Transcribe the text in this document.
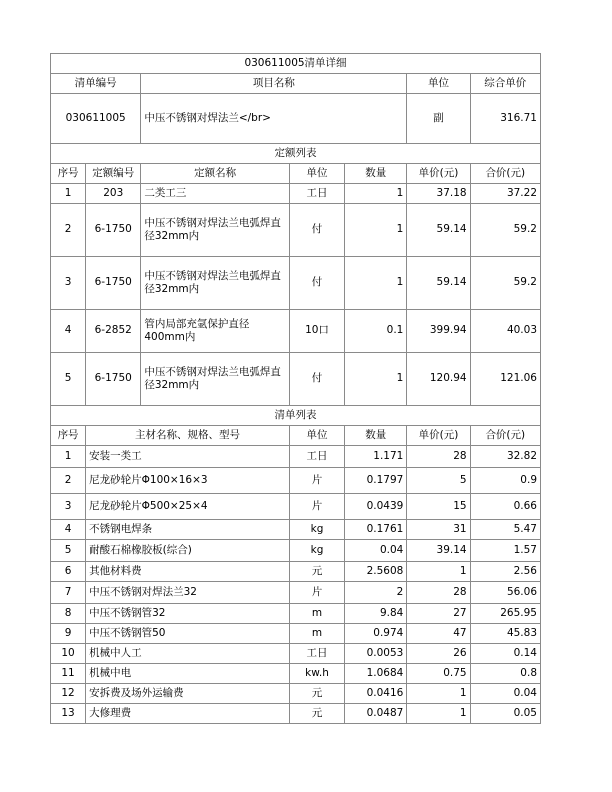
030611005清单详细						
清单编号		项目名称			单位	综合单价
030611005		中压不锈钢对焊法兰</br>			副	316.71
定额列表						
序号	定额编号	定额名称	单位	数量	单价(元)	合价(元)
1	203	二类工三	工日	1	37.18	37.22
2	6-1750	中压不锈钢对焊法兰电弧焊直径32mm内	付	1	59.14	59.2
3	6-1750	中压不锈钢对焊法兰电弧焊直径32mm内	付	1	59.14	59.2
4	6-2852	管内局部充氩保护直径400mm内	10口	0.1	399.94	40.03
5	6-1750	中压不锈钢对焊法兰电弧焊直径32mm内	付	1	120.94	121.06
清单列表						
序号	主材名称、规格、型号		单位	数量	单价(元)	合价(元)
1	安装一类工		工日	1.171	28	32.82
2	尼龙砂轮片Φ100×16×3		片	0.1797	5	0.9
3	尼龙砂轮片Φ500×25×4		片	0.0439	15	0.66
4	不锈钢电焊条		kg	0.1761	31	5.47
5	耐酸石棉橡胶板(综合)		kg	0.04	39.14	1.57
6	其他材料费		元	2.5608	1	2.56
7	中压不锈钢对焊法兰32		片	2	28	56.06
8	中压不锈钢管32		m	9.84	27	265.95
9	中压不锈钢管50		m	0.974	47	45.83
10	机械中人工		工日	0.0053	26	0.14
11	机械中电		kw.h	1.0684	0.75	0.8
12	安拆费及场外运输费		元	0.0416	1	0.04
13	大修理费		元	0.0487	1	0.05
